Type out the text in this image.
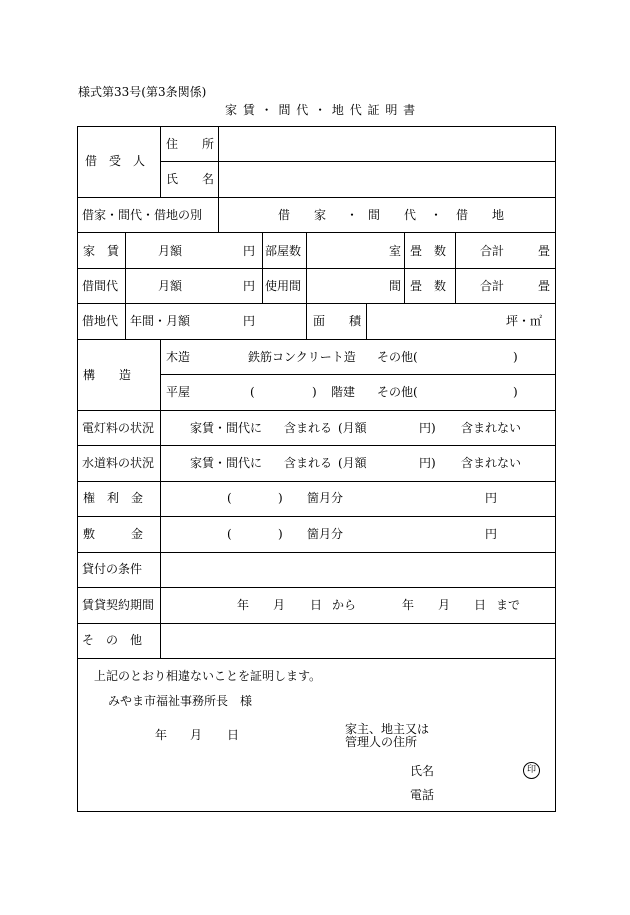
様式第33号(第3条関係)
家 賃 ・ 間 代 ・ 地 代 証 明 書
借　受　人
住　　所
氏　　名
借家・間代・借地の別	借　　家 ・ 間　　代 ・ 借　　地
家　賃	月額	円 部屋数	室 畳　数	合計	畳
借間代	月額	円 使用間	間 畳　数	合計	畳
借地代 年間・月額	円	面　　積	坪・㎡
構　　造
木造	鉄筋コンクリート造 その他(	)
平屋	(	) 階建 その他(	)
電灯料の状況	家賃・間代に 含まれる (月額	円) 含まれない
水道料の状況	家賃・間代に 含まれる (月額	円) 含まれない
権　利　金	(	) 箇月分	円
敷　　　金	(	) 箇月分	円
貸付の条件
賃貸契約期間	年 月 日 から	年 月 日 まで
そ　の　他
上記のとおり相違ないことを証明します。
みやま市福祉事務所長　様
年 月 日	家主、地主又は
管理人の住所
氏名	印
電話
